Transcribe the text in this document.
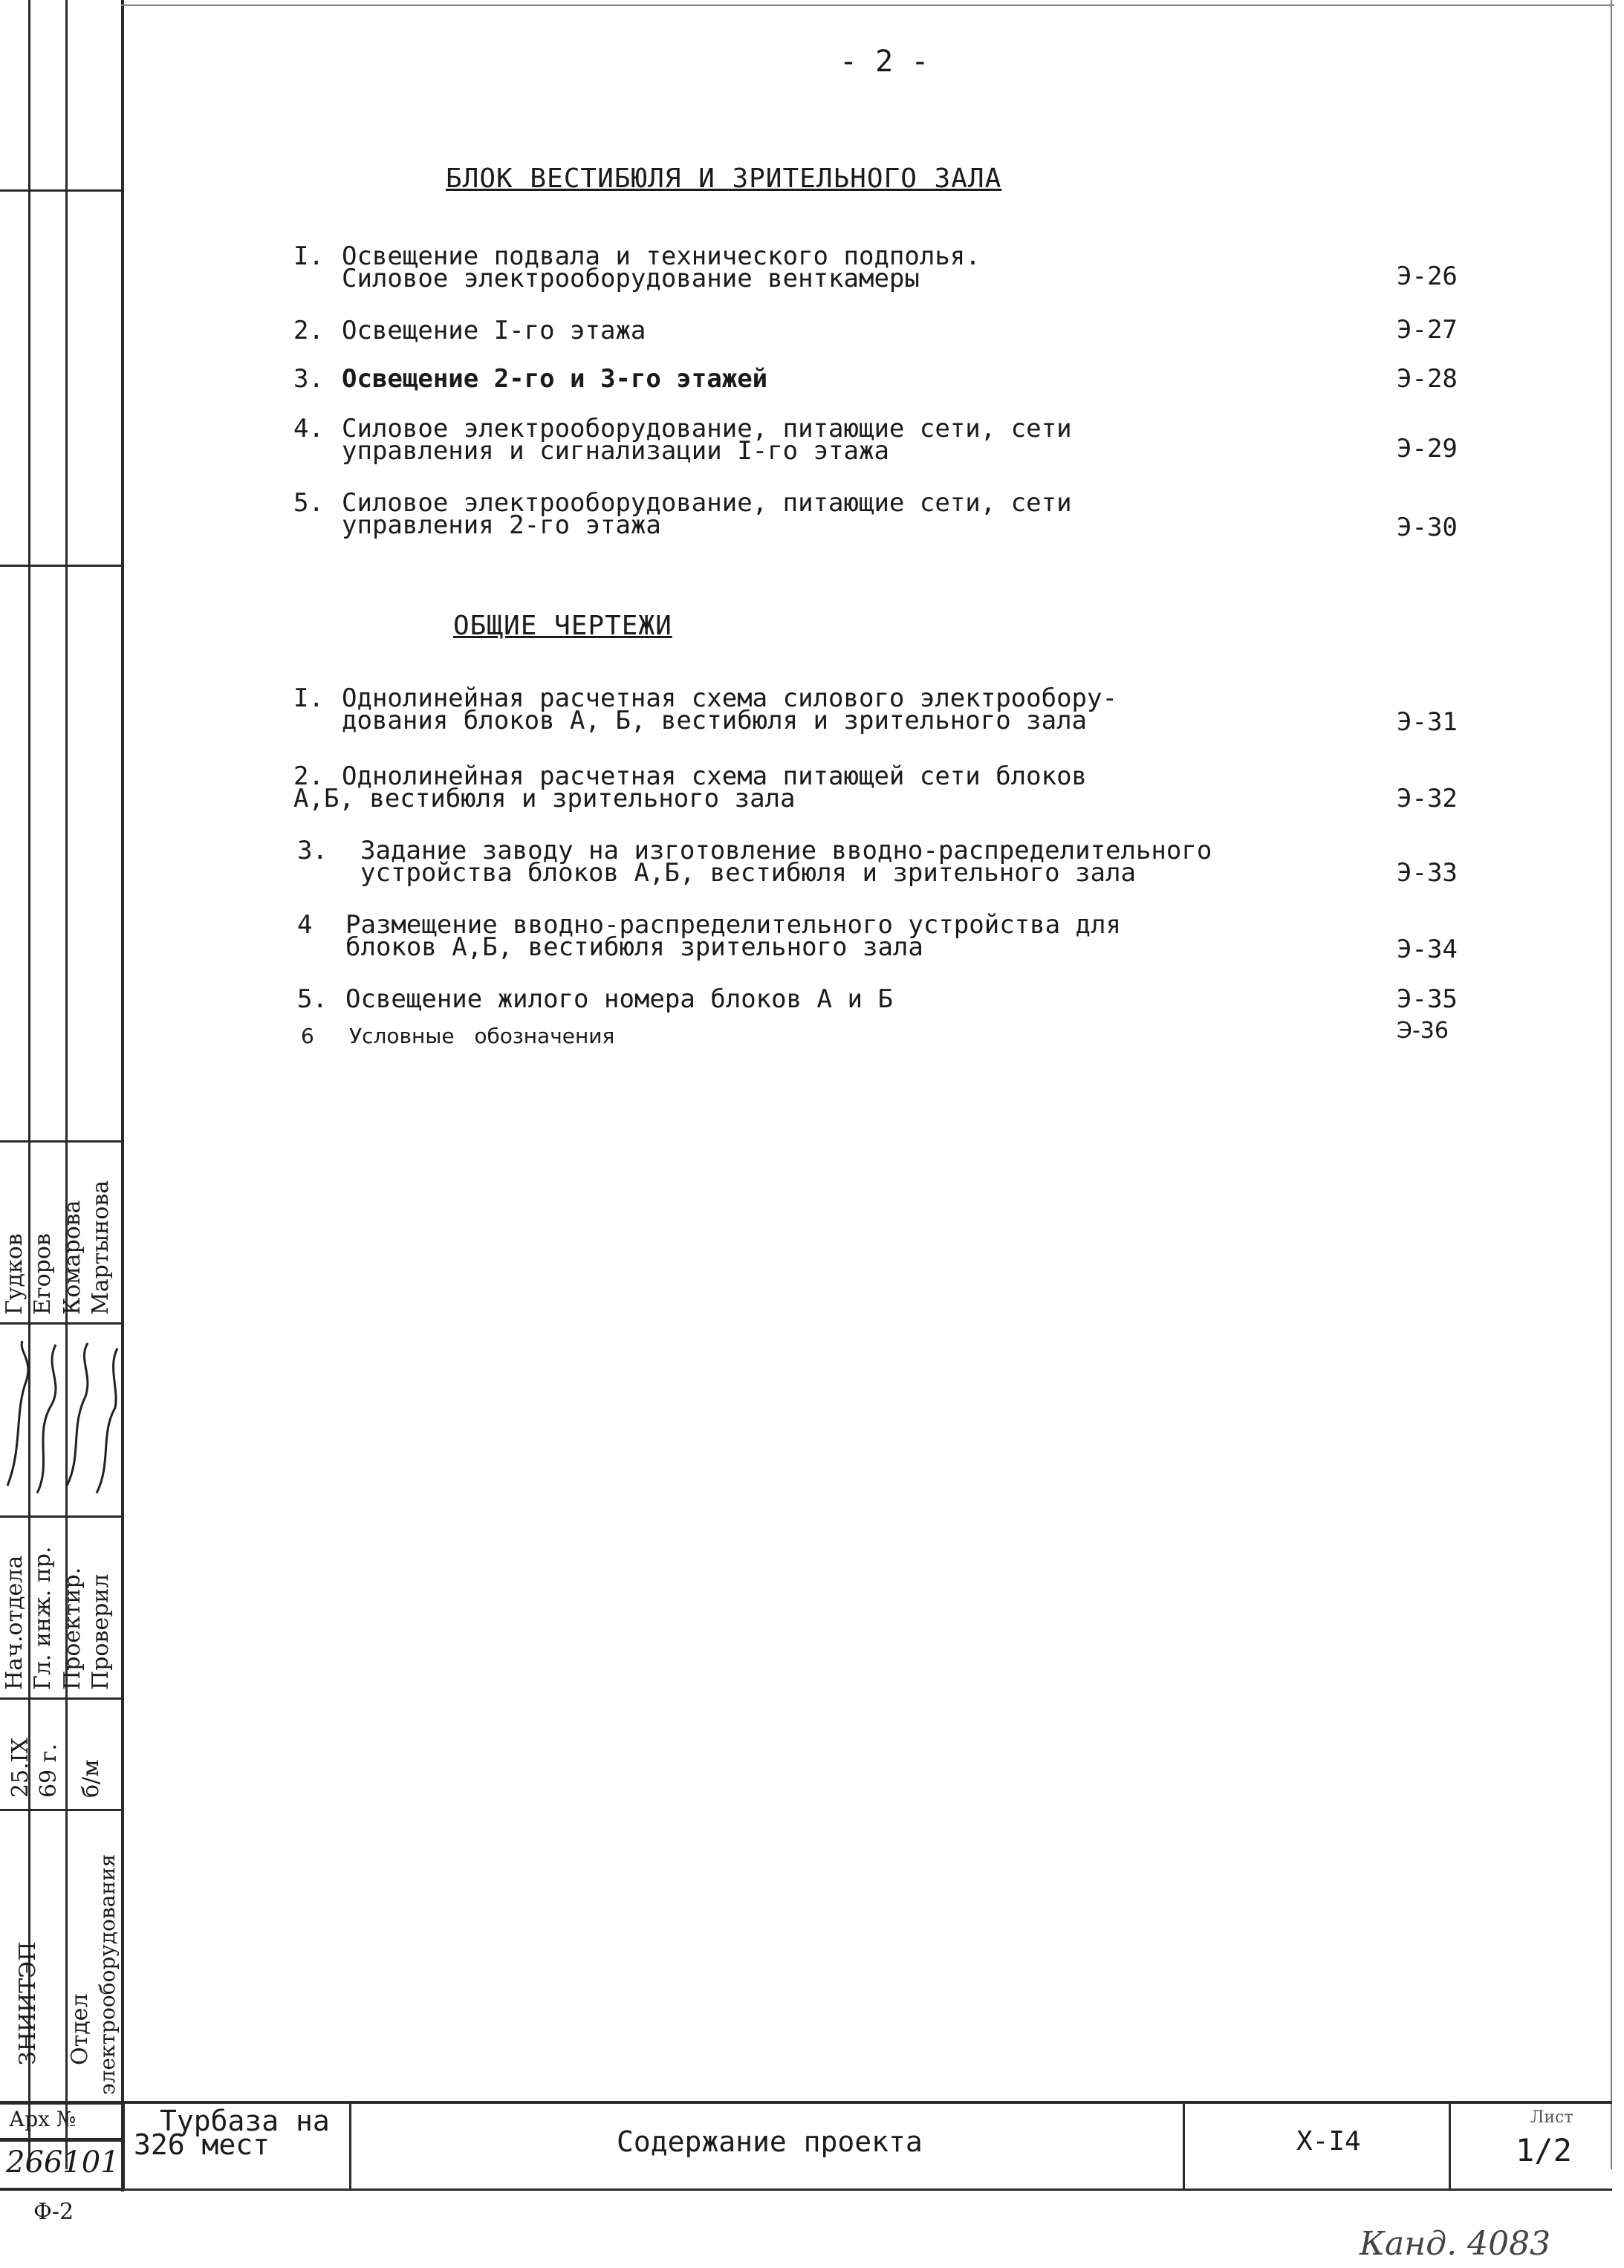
Нач.отдела Гл. инж. пр. Проектир. Проверил
Гудков Егоров Комарова Мартынова
25.IX 69 г. б/м
ЗНИИТЭП Отдел электрооборудования
- 2 -
БЛОК ВЕСТИБЮЛЯ И ЗРИТЕЛЬНОГО ЗАЛА
I. Освещение подвала и технического подполья.
Силовое электрооборудование венткамеры	Э-26
2. Освещение I-го этажа	Э-27
3. Освещение 2-го и 3-го этажей	Э-28
4. Силовое электрооборудование, питающие сети, сети
управления и сигнализации I-го этажа	Э-29
5. Силовое электрооборудование, питающие сети, сети
управления 2-го этажа	Э-30
ОБЩИЕ ЧЕРТЕЖИ
I. Однолинейная расчетная схема силового электрообору-
дования блоков А, Б, вестибюля и зрительного зала	Э-31
2. Однолинейная расчетная схема питающей сети блоков
А,Б, вестибюля и зрительного зала	Э-32
3. Задание заводу на изготовление вводно-распределительного
устройства блоков А,Б, вестибюля и зрительного зала	Э-33
4 Размещение вводно-распределительного устройства для
блоков А,Б, вестибюля зрительного зала	Э-34
5. Освещение жилого номера блоков А и Б	Э-35
6 Условные   обозначения	Э-36
Арх №
266101
Турбаза на
326 мест	Содержание проекта	Х-I4
Лист
1/2
Ф-2
Канд. 4083
